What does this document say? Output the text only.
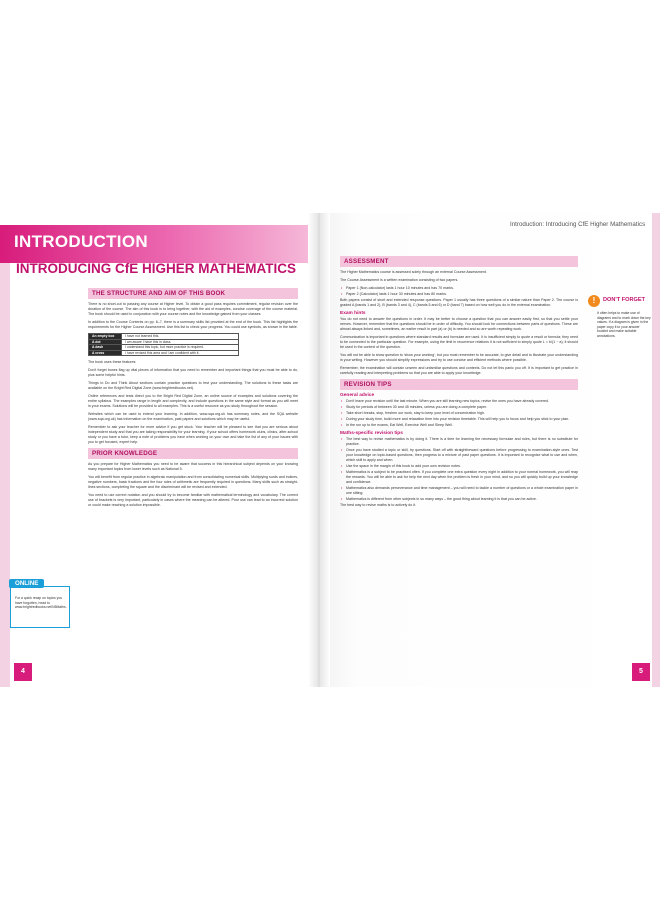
INTRODUCTION
INTRODUCING CfE HIGHER MATHEMATICS
THE STRUCTURE AND AIM OF THIS BOOK

There is no short-cut to passing any course at Higher level. To obtain a good pass requires commitment, regular revision over the duration of the course. The aim of this book is to bring together, with the aid of examples, concise coverage of the course material. The book should be used in conjunction with your course notes and the knowledge gained from your classes.

In addition to the Course Contents on pp. 6–7, there is a summary skills list provided at the end of the book. This list highlights the requirements for the Higher Course Assessment. Use this list to check your progress. You could use symbols, as shown in the table.

An empty box	I have not learned this.
A dot	I am aware I have this in class.
A dash	I understand this topic, but more practice is required.
A cross	I have revised this area and I am confident with it.

The book uses these features:

Don't forget boxes flag up vital pieces of information that you need to remember and important things that you must be able to do, plus some helpful hints.

Things to Do and Think About sections contain practice questions to test your understanding. The solutions to these tasks are available on the Bright Red Digital Zone (www.brightredbooks.net).

Online references and tests direct you to the Bright Red Digital Zone, an online source of examples and solutions covering the entire syllabus. The examples range in length and complexity, and include questions in the same style and format as you will meet in your exams. Solutions will be provided to all examples. This is a useful resource as you study throughout the session.

Websites which can be used to extend your learning. In addition, www.sqa.org.uk has summary notes, and the SQA website (www.sqa.org.uk) has information on the examination, past papers and solutions which may be useful.

Remember to ask your teacher for more advice if you get stuck. Your teacher will be pleased to see that you are serious about independent study and that you are taking responsibility for your learning. If your school offers homework clubs, clinics, after-school study or you have a tutor, keep a note of problems you have when working on your own and take the list of any of your issues with you to get focused, expert help.

PRIOR KNOWLEDGE

As you prepare for Higher Mathematics you need to be aware that success in this hierarchical subject depends on your knowing many important topics from lower levels such as National 5.

You will benefit from regular practice in algebraic manipulation and from consolidating numerical skills. Multiplying surds and indices, negative numbers, basic fractions and the four rules of arithmetic are frequently required in questions. Many skills such as straight-lines sections, completing the square and the discriminant will be revised and extended.

You need to use correct notation and you should try to become familiar with mathematical terminology and vocabulary. The correct use of brackets is very important, particularly in cases where the meaning can be altered. Poor use can lead to an incorrect solution or could make reaching a solution impossible.

ONLINE
For a quick recap on topics you have forgotten, head to www.brightredbooks.net/N5Maths.
4
Introduction: Introducing CfE Higher Mathematics
ASSESSMENT

The Higher Mathematics course is assessed solely through an external Course Assessment.

The Course Assessment is a written examination consisting of two papers.

• Paper 1 (Non-calculator) lasts 1 hour 10 minutes and has 70 marks.
• Paper 2 (Calculator) lasts 1 hour 30 minutes and has 80 marks.

Both papers consist of short and extended response questions. Paper 1 usually has three questions of a similar nature than Paper 2. The course is graded A (bands 1 and 2), B (bands 3 and 4), C (bands 5 and 6) or D (band 7) based on how well you do in the external examination.

Exam hints

You do not need to answer the questions in order. It may be better to choose a question that you can answer easily first, so that you settle your nerves. However, remember that the questions should be in order of difficulty. You should look for connections between parts of questions. These are almost always linked and, sometimes, an earlier result in part (a) or (b) is needed and so are worth repeating work.

Communication is important in questions where standard results and formulae are used. It is insufficient simply to quote a result or formula; they need to be connected to the particular question. For example, using the limit in recurrence relations it is not sufficient to simply quote L = b/(1 − a); it should be used in the context of the question.

You will not be able to show question to 'show your working', but you must remember to be accurate, to give detail and to illustrate your understanding in your writing. However you should simplify expressions and try to use concise and efficient methods where possible.

Remember, the examination will contain unseen and unfamiliar questions and contexts. Do not let this panic you off. It is important to get practice in carefully reading and interpreting problems so that you are able to apply your knowledge.

REVISION TIPS
General advice
• Don't leave your revision until the last minute. When you are still learning new topics, revise the ones you have already covered.
• Study for periods of between 30 and 45 minutes, unless you are doing a complete paper.
• Take short breaks, stop, freshen our work, stay to keep your level of concentration high.
• During your study time, build more and relaxation time into your revision timetable. This will help you to focus and help you stick to your plan.
• In the run up to the exams, Eat Well, Exercise Well and Sleep Well.
Maths-specific revision tips
• The best way to revise mathematics is by doing it. There is a time for learning the necessary formulae and rules, but there is no substitute for practice.
• Once you have studied a topic or skill, try questions. Start off with straightforward questions before progressing to examination-style ones. Test your knowledge on topic-based questions, then progress to a mixture of past paper questions. It is important to recognise what to use and when, which skill to apply and when.
• Use the space in the margin of this book to add your own revision notes.
• Mathematics is a subject to be practised often. If you complete one extra question every night in addition to your normal homework, you will reap the rewards. You will be able to ask for help the next day when the problem is fresh in your mind, and so you will quickly build up your knowledge and confidence.
• Mathematics also demands perseverance and time management – you will need to tackle a number of questions or a whole examination paper in one sitting.
• Mathematics is different from other subjects in so many ways – the good thing about learning it is that you can be active.

The best way to revise maths is to actively do it.

!	DON'T FORGET
It often helps to make use of diagrams and to mark down the key values. If a diagram is given in the paper copy it to your answer booklet and make suitable annotations.
5
